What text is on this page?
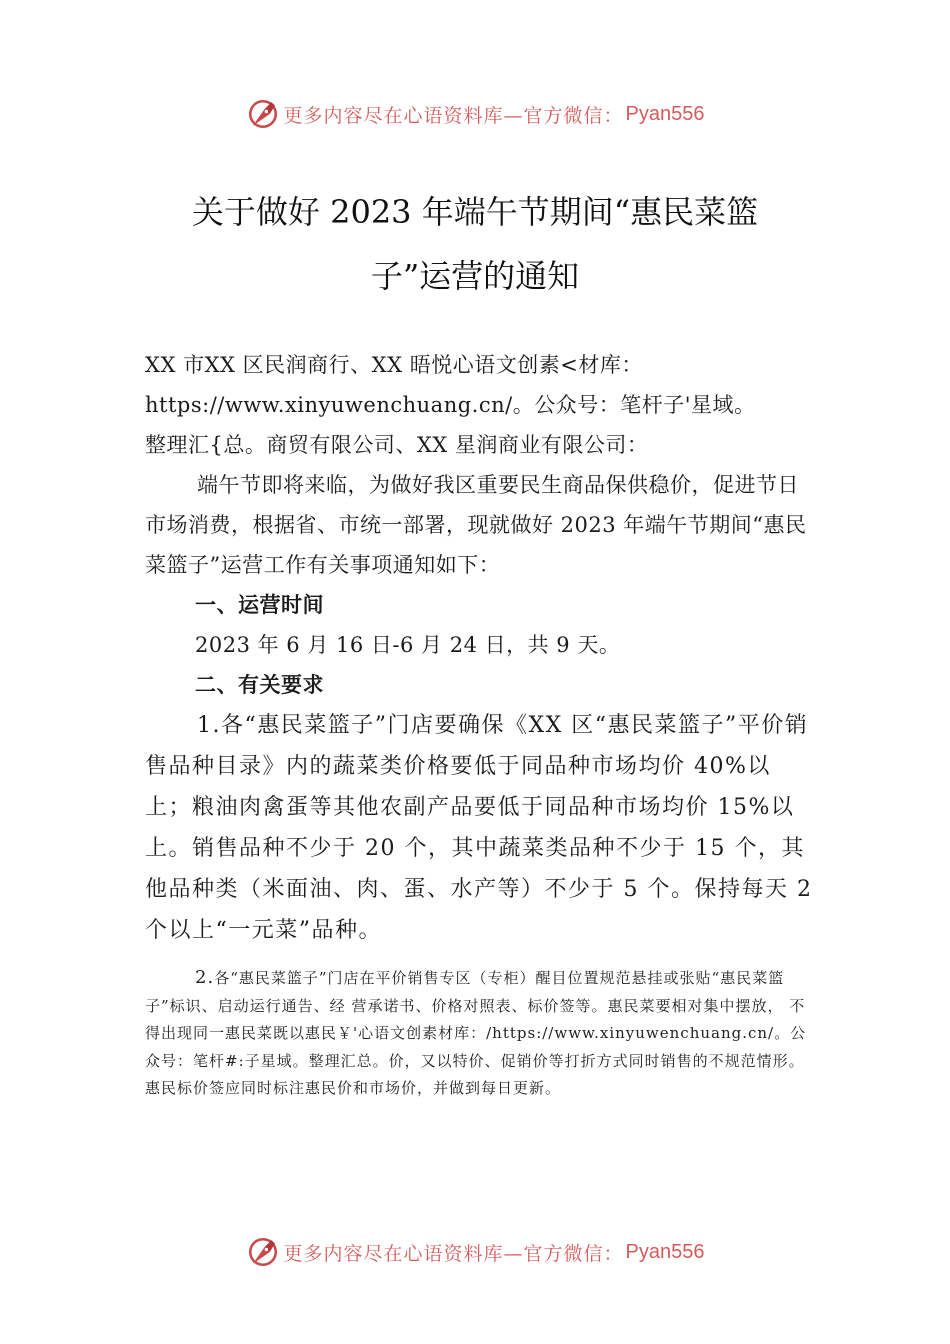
更多内容尽在心语资料库—官方微信： Pyan556
关于做好 2023 年端午节期间“惠民菜篮
子”运营的通知

XX 市XX 区民润商行、XX 晤悦心语文创素<材库：

https://www.xinyuwenchuang.cn/。公众号：笔杆子'星域。

整理汇{总。商贸有限公司、XX 星润商业有限公司：

端午节即将来临，为做好我区重要民生商品保供稳价，促进节日市场消费，根据省、市统一部署，现就做好 2023 年端午节期间“惠民菜篮子”运营工作有关事项通知如下：

一、运营时间

2023 年 6 月 16 日-6 月 24 日，共 9 天。

二、有关要求

1.各“惠民菜篮子”门店要确保《XX 区“惠民菜篮子”平价销售品种目录》内的蔬菜类价格要低于同品种市场均价 40%以上；粮油肉禽蛋等其他农副产品要低于同品种市场均价 15%以上。销售品种不少于 20 个，其中蔬菜类品种不少于 15 个，其他品种类（米面油、肉、蛋、水产等）不少于 5 个。保持每天 2 个以上“一元菜”品种。

2.各“惠民菜篮子”门店在平价销售专区（专柜）醒目位置规范悬挂或张贴“惠民菜篮子”标识、启动运行通告、经 营承诺书、价格对照表、标价签等。惠民菜要相对集中摆放， 不得出现同一惠民菜既以惠民￥'心语文创素材库：/https://www.xinyuwenchuang.cn/。公众号：笔杆#:子星域。整理汇总。价，又以特价、促销价等打折方式同时销售的不规范情形。惠民标价签应同时标注惠民价和市场价，并做到每日更新。
更多内容尽在心语资料库—官方微信： Pyan556
